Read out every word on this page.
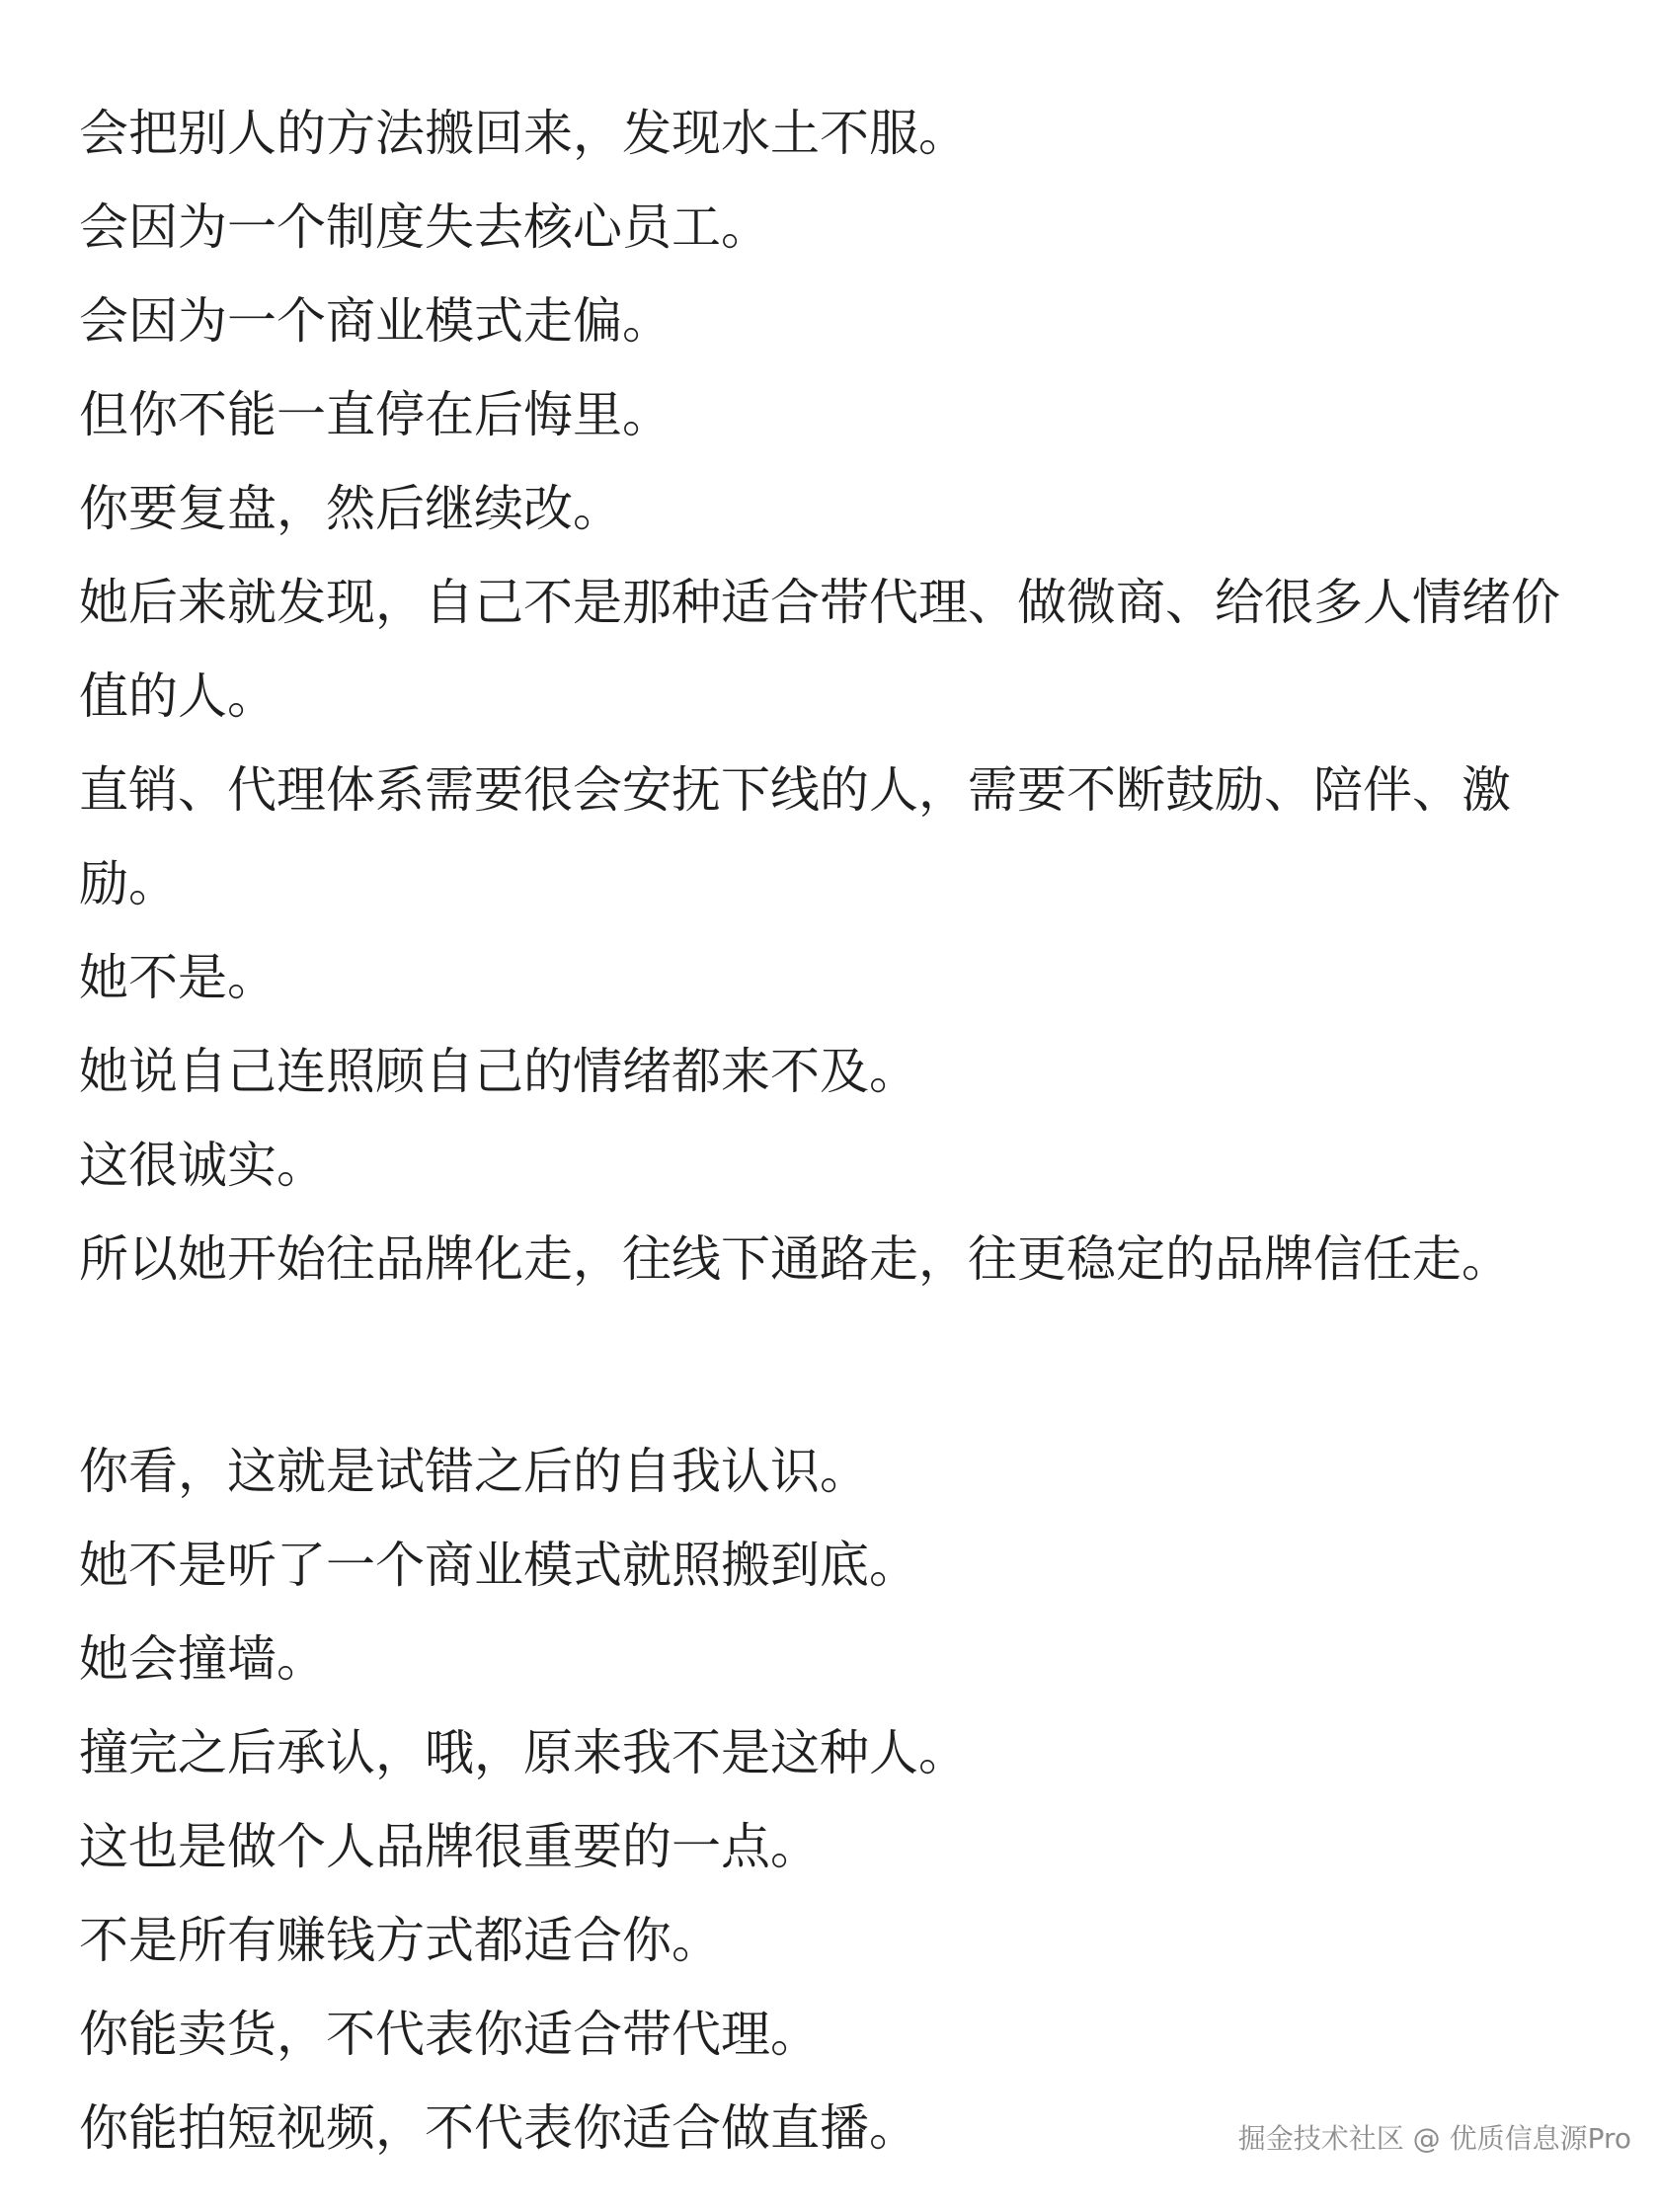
会把别人的方法搬回来，发现水土不服。

会因为一个制度失去核心员工。

会因为一个商业模式走偏。

但你不能一直停在后悔里。

你要复盘，然后继续改。

她后来就发现，自己不是那种适合带代理、做微商、给很多人情绪价值的人。

直销、代理体系需要很会安抚下线的人，需要不断鼓励、陪伴、激励。

她不是。

她说自己连照顾自己的情绪都来不及。

这很诚实。

所以她开始往品牌化走，往线下通路走，往更稳定的品牌信任走。

你看，这就是试错之后的自我认识。

她不是听了一个商业模式就照搬到底。

她会撞墙。

撞完之后承认，哦，原来我不是这种人。

这也是做个人品牌很重要的一点。

不是所有赚钱方式都适合你。

你能卖货，不代表你适合带代理。

你能拍短视频，不代表你适合做直播。	掘金技术社区 @ 优质信息源Pro
